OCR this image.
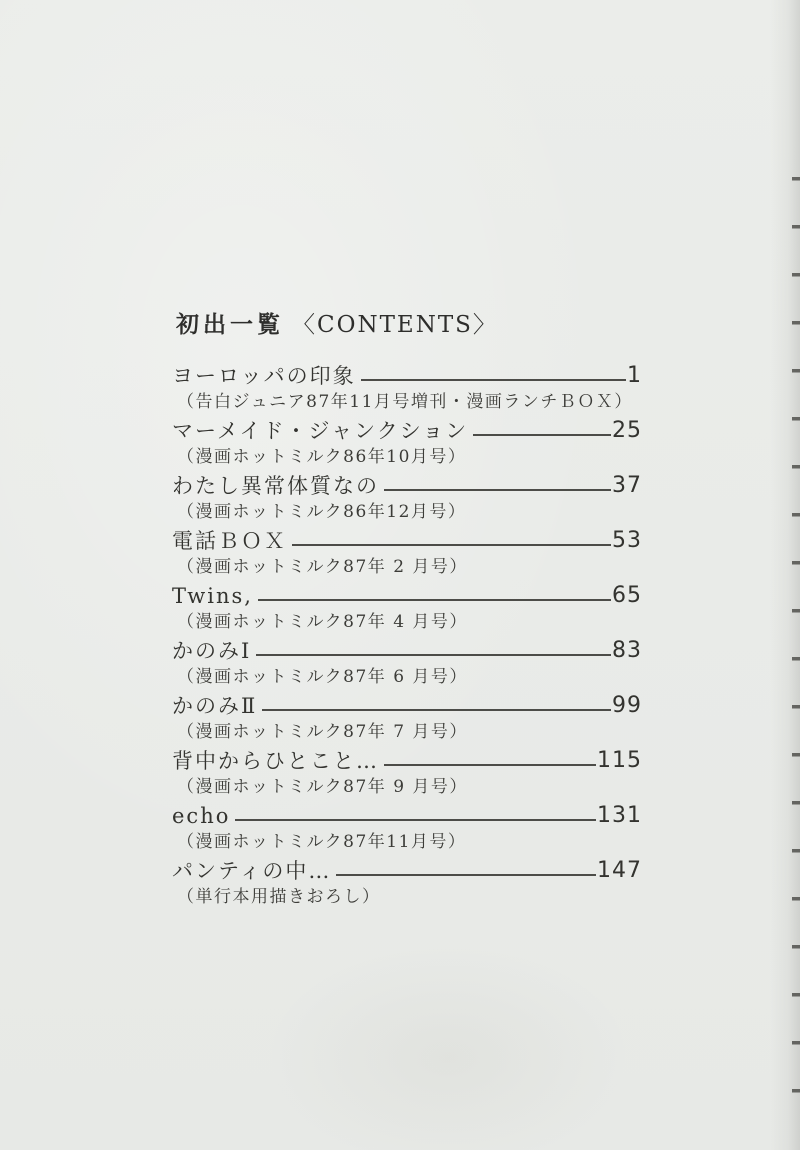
初出一覧 〈CONTENTS〉
ヨーロッパの印象	1
（告白ジュニア87年11月号増刊・漫画ランチＢＯＸ）
マーメイド・ジャンクション	25
（漫画ホットミルク86年10月号）
わたし異常体質なの	37
（漫画ホットミルク86年12月号）
電話ＢＯＸ	53
（漫画ホットミルク87年 2 月号）
Twins,	65
（漫画ホットミルク87年 4 月号）
かのみⅠ	83
（漫画ホットミルク87年 6 月号）
かのみⅡ	99
（漫画ホットミルク87年 7 月号）
背中からひとこと…	115
（漫画ホットミルク87年 9 月号）
echo	131
（漫画ホットミルク87年11月号）
パンティの中…	147
（単行本用描きおろし）
